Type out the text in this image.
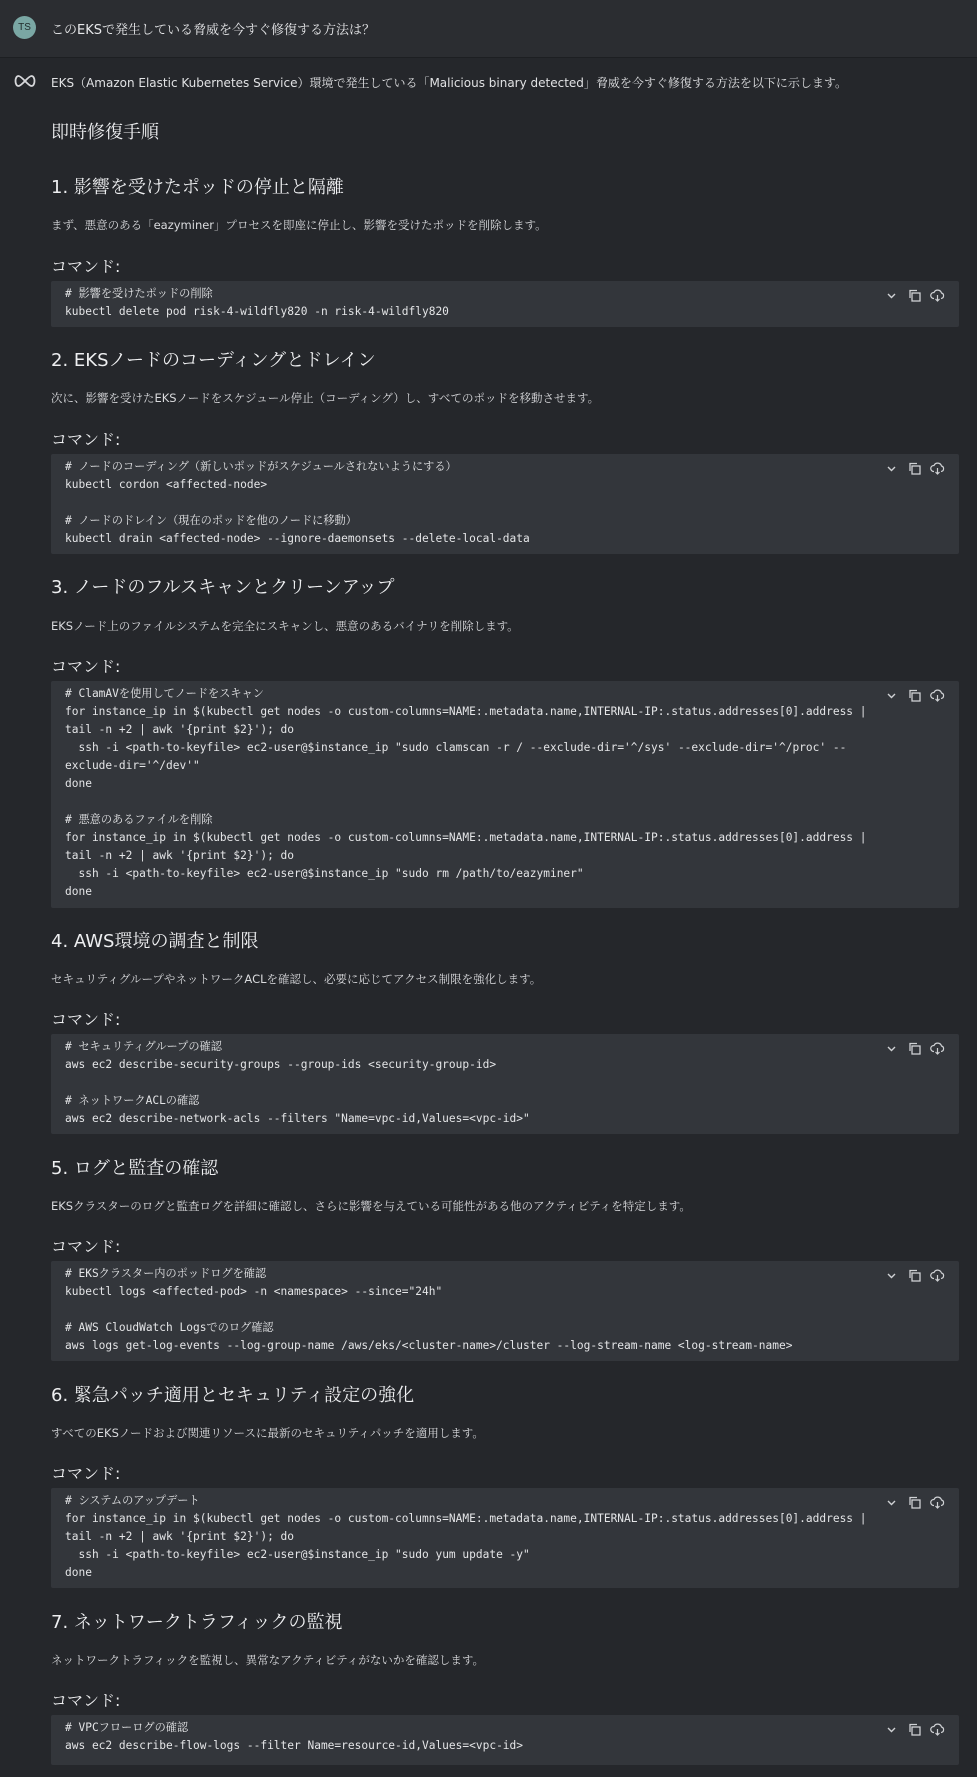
TS	このEKSで発生している脅威を今すぐ修復する方法は？
EKS（Amazon Elastic Kubernetes Service）環境で発生している「Malicious binary detected」脅威を今すぐ修復する方法を以下に示します。
即時修復手順
1. 影響を受けたポッドの停止と隔離
まず、悪意のある「eazyminer」プロセスを即座に停止し、影響を受けたポッドを削除します。
コマンド:
# 影響を受けたポッドの削除
kubectl delete pod risk-4-wildfly820 -n risk-4-wildfly820
2. EKSノードのコーディングとドレイン
次に、影響を受けたEKSノードをスケジュール停止（コーディング）し、すべてのポッドを移動させます。
コマンド:
# ノードのコーディング（新しいポッドがスケジュールされないようにする）
kubectl cordon <affected-node>

# ノードのドレイン（現在のポッドを他のノードに移動）
kubectl drain <affected-node> --ignore-daemonsets --delete-local-data
3. ノードのフルスキャンとクリーンアップ
EKSノード上のファイルシステムを完全にスキャンし、悪意のあるバイナリを削除します。
コマンド:
# ClamAVを使用してノードをスキャン
for instance_ip in $(kubectl get nodes -o custom-columns=NAME:.metadata.name,INTERNAL-IP:.status.addresses[0].address |
tail -n +2 | awk '{print $2}'); do
ssh -i <path-to-keyfile> ec2-user@$instance_ip "sudo clamscan -r / --exclude-dir='^/sys' --exclude-dir='^/proc' --
exclude-dir='^/dev'"
done

# 悪意のあるファイルを削除
for instance_ip in $(kubectl get nodes -o custom-columns=NAME:.metadata.name,INTERNAL-IP:.status.addresses[0].address |
tail -n +2 | awk '{print $2}'); do
ssh -i <path-to-keyfile> ec2-user@$instance_ip "sudo rm /path/to/eazyminer"
done
4. AWS環境の調査と制限
セキュリティグループやネットワークACLを確認し、必要に応じてアクセス制限を強化します。
コマンド:
# セキュリティグループの確認
aws ec2 describe-security-groups --group-ids <security-group-id>

# ネットワークACLの確認
aws ec2 describe-network-acls --filters "Name=vpc-id,Values=<vpc-id>"
5. ログと監査の確認
EKSクラスターのログと監査ログを詳細に確認し、さらに影響を与えている可能性がある他のアクティビティを特定します。
コマンド:
# EKSクラスター内のポッドログを確認
kubectl logs <affected-pod> -n <namespace> --since="24h"

# AWS CloudWatch Logsでのログ確認
aws logs get-log-events --log-group-name /aws/eks/<cluster-name>/cluster --log-stream-name <log-stream-name>
6. 緊急パッチ適用とセキュリティ設定の強化
すべてのEKSノードおよび関連リソースに最新のセキュリティパッチを適用します。
コマンド:
# システムのアップデート
for instance_ip in $(kubectl get nodes -o custom-columns=NAME:.metadata.name,INTERNAL-IP:.status.addresses[0].address |
tail -n +2 | awk '{print $2}'); do
ssh -i <path-to-keyfile> ec2-user@$instance_ip "sudo yum update -y"
done
7. ネットワークトラフィックの監視
ネットワークトラフィックを監視し、異常なアクティビティがないかを確認します。
コマンド:
# VPCフローログの確認
aws ec2 describe-flow-logs --filter Name=resource-id,Values=<vpc-id>
